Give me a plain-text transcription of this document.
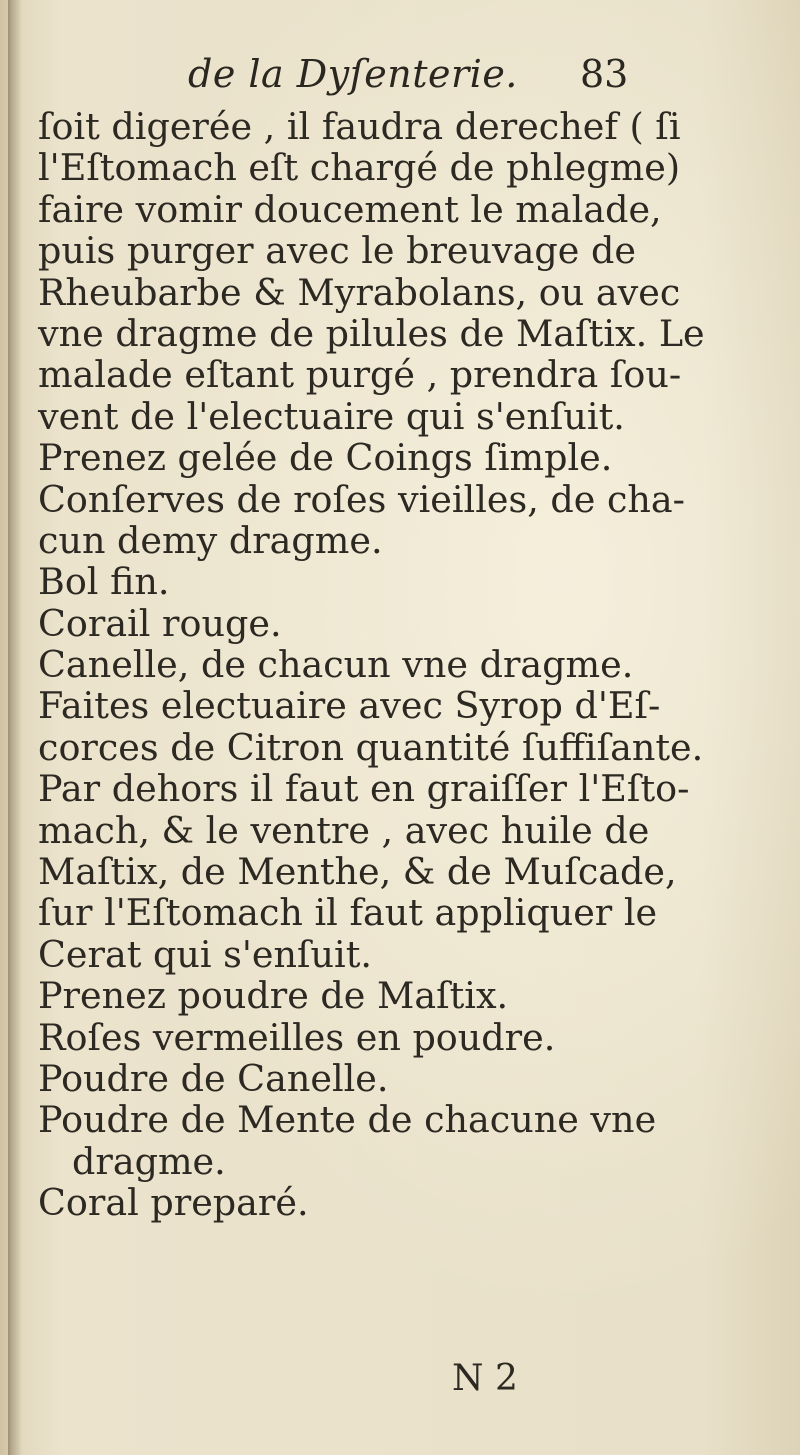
de la Dyſenterie. 83
ſoit digerée , il faudra derechef ( ſi
l'Eſtomach eſt chargé de phlegme)
faire vomir doucement le malade,
puis purger avec le breuvage de
Rheubarbe & Myrabolans, ou avec
vne dragme de pilules de Maſtix. Le
malade eſtant purgé , prendra ſou-
vent de l'electuaire qui s'enſuit.
Prenez gelée de Coings ſimple.
Conſerves de roſes vieilles, de cha-
cun demy dragme.
Bol fin.
Corail rouge.
Canelle, de chacun vne dragme.
Faites electuaire avec Syrop d'Eſ-
corces de Citron quantité ſuffiſante.
Par dehors il faut en graiſſer l'Eſto-
mach, & le ventre , avec huile de
Maſtix, de Menthe, & de Muſcade,
ſur l'Eſtomach il faut appliquer le
Cerat qui s'enſuit.
Prenez poudre de Maſtix.
Roſes vermeilles en poudre.
Poudre de Canelle.
Poudre de Mente de chacune vne
dragme.
Coral preparé.
N 2
